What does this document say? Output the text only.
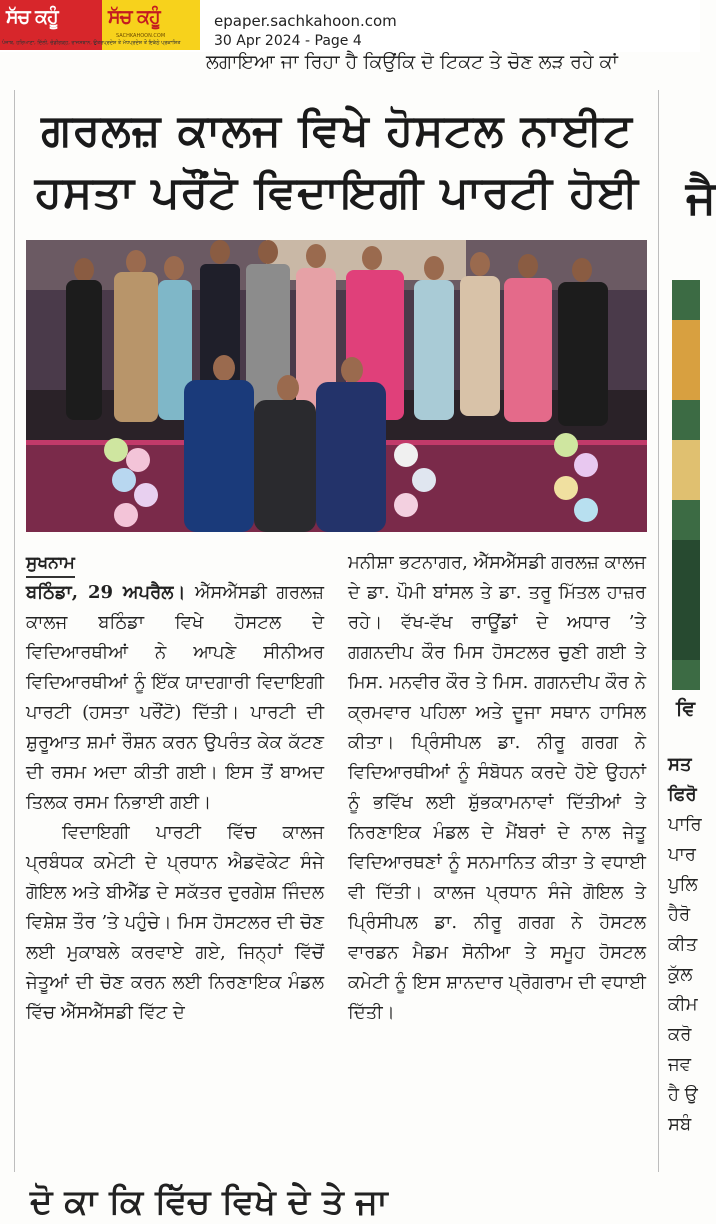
ਸੱਚ ਕਹੂੰ	ਸੱਚ ਕਹੂੰ
SACHKAHOON.COM
ਪੰਜਾਬ, ਹਰਿਆਣਾ, ਦਿੱਲੀ, ਚੰਡੀਗੜ੍ਹ, ਰਾਜਸਥਾਨ, ਉਤਰਪ੍ਰਦੇਸ਼ ਤੇ ਮੱਧਪ੍ਰਦੇਸ਼ ਤੋਂ ਇਕੱਠੇ ਪ੍ਰਕਾਸ਼ਿਤ
epaper.sachkahoon.com
30 Apr 2024 - Page 4
ਲਗਾਇਆ ਜਾ ਰਿਹਾ ਹੈ ਕਿਉਂਕਿ ਦੋ ਟਿਕਟ ਤੇ ਚੋਣ ਲੜ ਰਹੇ ਕਾਂ
ਗਰਲਜ਼ ਕਾਲਜ ਵਿਖੇ ਹੋਸਟਲ ਨਾਈਟ
ਹਸਤਾ ਪਰੌਂਟੋ ਵਿਦਾਇਗੀ ਪਾਰਟੀ ਹੋਈ
ਸੁਖਨਾਮ

ਬਠਿੰਡਾ, 29 ਅਪਰੈਲ। ਐੱਸਐੱਸਡੀ ਗਰਲਜ਼ ਕਾਲਜ ਬਠਿੰਡਾ ਵਿਖੇ ਹੋਸਟਲ ਦੇ ਵਿਦਿਆਰਥੀਆਂ ਨੇ ਆਪਣੇ ਸੀਨੀਅਰ ਵਿਦਿਆਰਥੀਆਂ ਨੂੰ ਇੱਕ ਯਾਦਗਾਰੀ ਵਿਦਾਇਗੀ ਪਾਰਟੀ (ਹਸਤਾ ਪਰੌਂਟੋ) ਦਿੱਤੀ। ਪਾਰਟੀ ਦੀ ਸ਼ੁਰੂਆਤ ਸ਼ਮਾਂ ਰੌਸ਼ਨ ਕਰਨ ਉਪਰੰਤ ਕੇਕ ਕੱਟਣ ਦੀ ਰਸਮ ਅਦਾ ਕੀਤੀ ਗਈ। ਇਸ ਤੋਂ ਬਾਅਦ ਤਿਲਕ ਰਸਮ ਨਿਭਾਈ ਗਈ।

ਵਿਦਾਇਗੀ ਪਾਰਟੀ ਵਿੱਚ ਕਾਲਜ ਪ੍ਰਬੰਧਕ ਕਮੇਟੀ ਦੇ ਪ੍ਰਧਾਨ ਐਡਵੋਕੇਟ ਸੰਜੇ ਗੋਇਲ ਅਤੇ ਬੀਐੱਡ ਦੇ ਸਕੱਤਰ ਦੁਰਗੇਸ਼ ਜਿੰਦਲ ਵਿਸ਼ੇਸ਼ ਤੌਰ ’ਤੇ ਪਹੁੰਚੇ। ਮਿਸ ਹੋਸਟਲਰ ਦੀ ਚੋਣ ਲਈ ਮੁਕਾਬਲੇ ਕਰਵਾਏ ਗਏ, ਜਿਨ੍ਹਾਂ ਵਿੱਚੋਂ ਜੇਤੂਆਂ ਦੀ ਚੋਣ ਕਰਨ ਲਈ ਨਿਰਣਾਇਕ ਮੰਡਲ ਵਿੱਚ ਐੱਸਐੱਸਡੀ ਵਿੱਟ ਦੇ

ਮਨੀਸ਼ਾ ਭਟਨਾਗਰ, ਐੱਸਐੱਸਡੀ ਗਰਲਜ਼ ਕਾਲਜ ਦੇ ਡਾ. ਪੌਮੀ ਬਾਂਸਲ ਤੇ ਡਾ. ਤਰੂ ਮਿੱਤਲ ਹਾਜ਼ਰ ਰਹੇ। ਵੱਖ-ਵੱਖ ਰਾਊਂਡਾਂ ਦੇ ਅਧਾਰ ’ਤੇ ਗਗਨਦੀਪ ਕੌਰ ਮਿਸ ਹੋਸਟਲਰ ਚੁਣੀ ਗਈ ਤੇ ਮਿਸ. ਮਨਵੀਰ ਕੌਰ ਤੇ ਮਿਸ. ਗਗਨਦੀਪ ਕੌਰ ਨੇ ਕ੍ਰਮਵਾਰ ਪਹਿਲਾ ਅਤੇ ਦੂਜਾ ਸਥਾਨ ਹਾਸਿਲ ਕੀਤਾ। ਪ੍ਰਿੰਸੀਪਲ ਡਾ. ਨੀਰੂ ਗਰਗ ਨੇ ਵਿਦਿਆਰਥੀਆਂ ਨੂੰ ਸੰਬੋਧਨ ਕਰਦੇ ਹੋਏ ਉਹਨਾਂ ਨੂੰ ਭਵਿੱਖ ਲਈ ਸ਼ੁੱਭਕਾਮਨਾਵਾਂ ਦਿੱਤੀਆਂ ਤੇ ਨਿਰਣਾਇਕ ਮੰਡਲ ਦੇ ਮੈਂਬਰਾਂ ਦੇ ਨਾਲ ਜੇਤੂ ਵਿਦਿਆਰਥਣਾਂ ਨੂੰ ਸਨਮਾਨਿਤ ਕੀਤਾ ਤੇ ਵਧਾਈ ਵੀ ਦਿੱਤੀ। ਕਾਲਜ ਪ੍ਰਧਾਨ ਸੰਜੇ ਗੋਇਲ ਤੇ ਪ੍ਰਿੰਸੀਪਲ ਡਾ. ਨੀਰੂ ਗਰਗ ਨੇ ਹੋਸਟਲ ਵਾਰਡਨ ਮੈਡਮ ਸੋਨੀਆ ਤੇ ਸਮੂਹ ਹੋਸਟਲ ਕਮੇਟੀ ਨੂੰ ਇਸ ਸ਼ਾਨਦਾਰ ਪ੍ਰੋਗਰਾਮ ਦੀ ਵਧਾਈ ਦਿੱਤੀ।

ਜੈ
ਵਿ
ਸਤ
ਫਿਰੋ
ਪਾਰਿ
ਪਾਰ
ਪੁਲਿ
ਹੈਰੋ
ਕੀਤ
ਕੁੱਲ
ਕੀਮ
ਕਰੋ
ਜਵ
ਹੈ ਉ
ਸਬੰ
ਦੋ ਕਾ ਕਿ ਵਿੱਚ ਵਿਖੇ ਦੇ ਤੇ ਜਾ
